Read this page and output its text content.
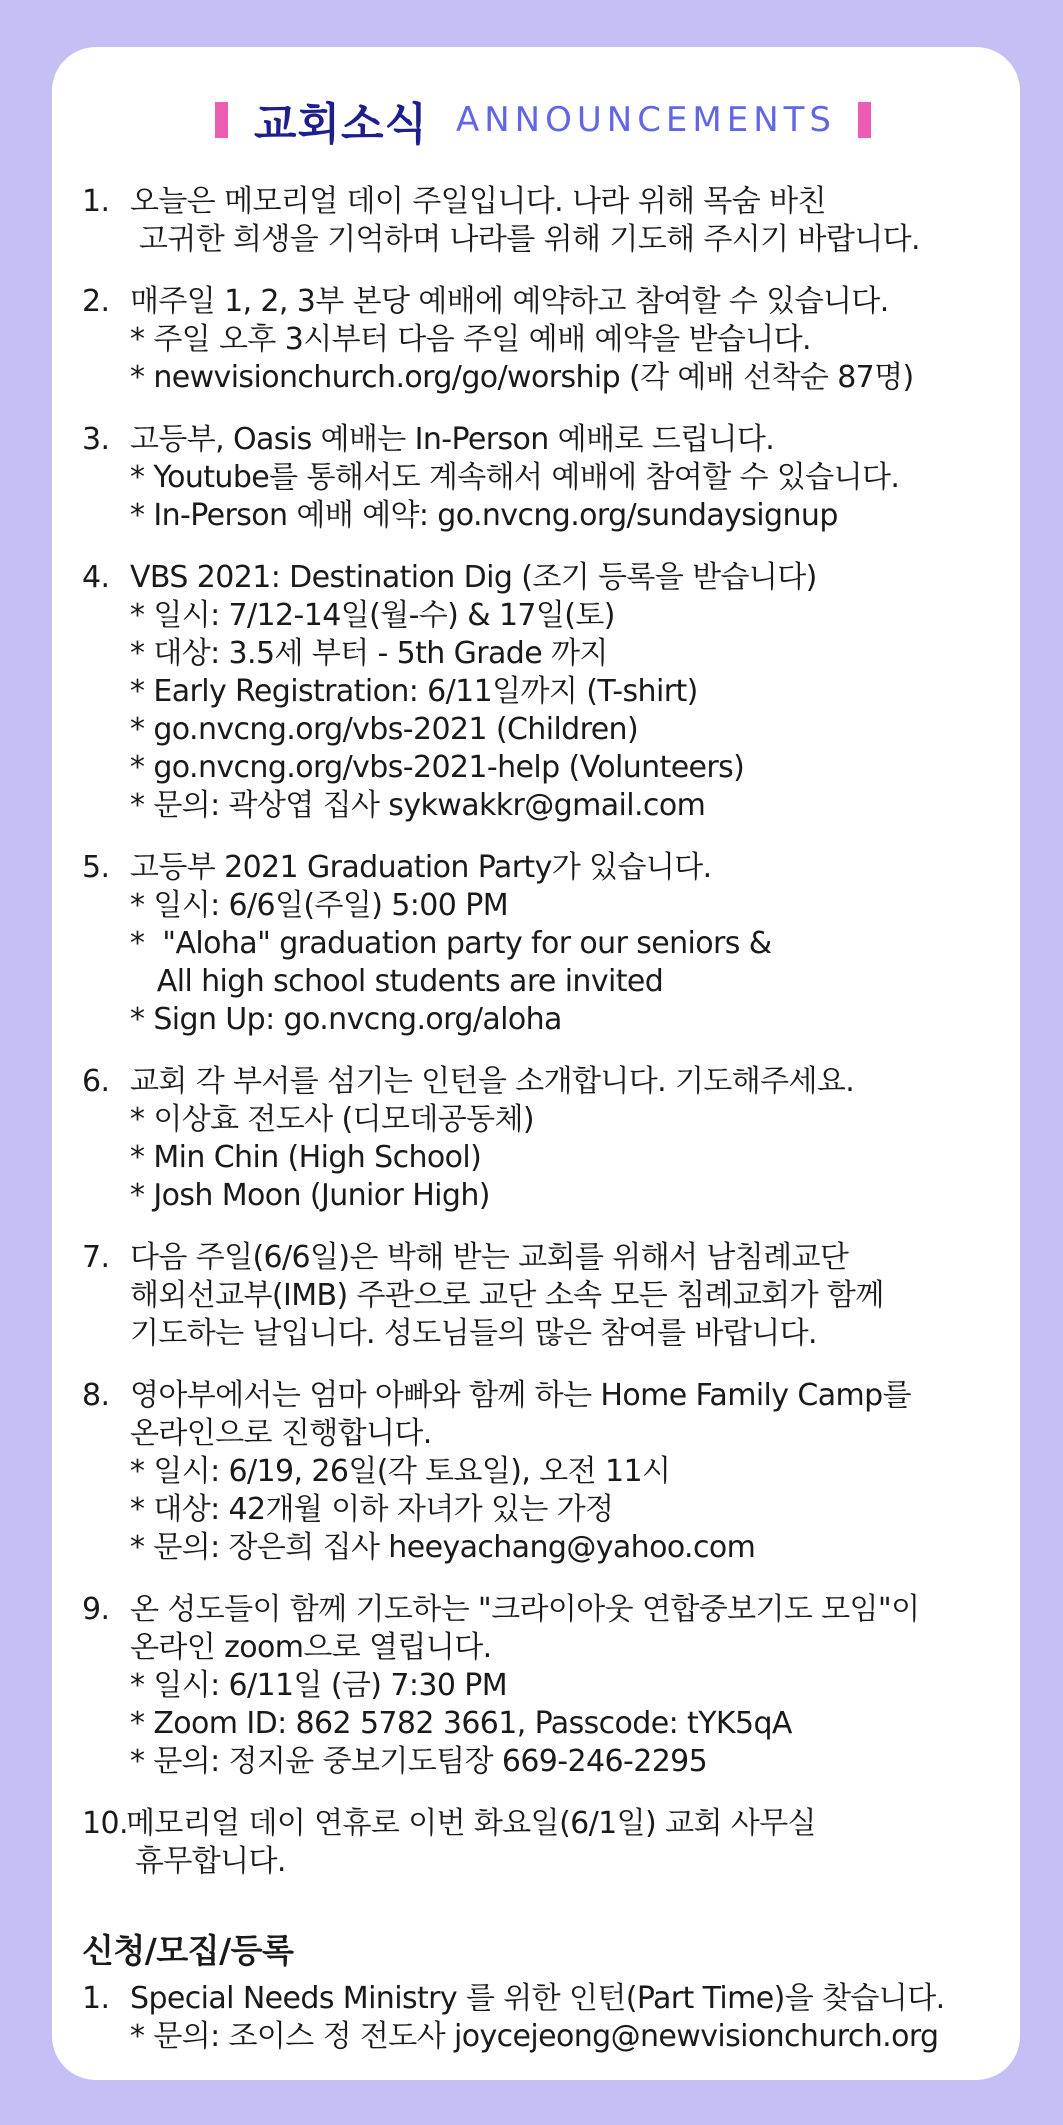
교회소식 ANNOUNCEMENTS
1. 오늘은 메모리얼 데이 주일입니다. 나라 위해 목숨 바친
고귀한 희생을 기억하며 나라를 위해 기도해 주시기 바랍니다.
2. 매주일 1, 2, 3부 본당 예배에 예약하고 참여할 수 있습니다.
* 주일 오후 3시부터 다음 주일 예배 예약을 받습니다.
* newvisionchurch.org/go/worship (각 예배 선착순 87명)
3. 고등부, Oasis 예배는 In-Person 예배로 드립니다.
* Youtube를 통해서도 계속해서 예배에 참여할 수 있습니다.
* In-Person 예배 예약: go.nvcng.org/sundaysignup
4. VBS 2021: Destination Dig (조기 등록을 받습니다)
* 일시: 7/12-14일(월-수) & 17일(토)
* 대상: 3.5세 부터 - 5th Grade 까지
* Early Registration: 6/11일까지 (T-shirt)
* go.nvcng.org/vbs-2021 (Children)
* go.nvcng.org/vbs-2021-help (Volunteers)
* 문의: 곽상엽 집사 sykwakkr@gmail.com
5. 고등부 2021 Graduation Party가 있습니다.
* 일시: 6/6일(주일) 5:00 PM
*  "Aloha" graduation party for our seniors &
All high school students are invited
* Sign Up: go.nvcng.org/aloha
6. 교회 각 부서를 섬기는 인턴을 소개합니다. 기도해주세요.
* 이상효 전도사 (디모데공동체)
* Min Chin (High School)
* Josh Moon (Junior High)
7. 다음 주일(6/6일)은 박해 받는 교회를 위해서 남침례교단
해외선교부(IMB) 주관으로 교단 소속 모든 침례교회가 함께
기도하는 날입니다. 성도님들의 많은 참여를 바랍니다.
8. 영아부에서는 엄마 아빠와 함께 하는 Home Family Camp를
온라인으로 진행합니다.
* 일시: 6/19, 26일(각 토요일), 오전 11시
* 대상: 42개월 이하 자녀가 있는 가정
* 문의: 장은희 집사 heeyachang@yahoo.com
9. 온 성도들이 함께 기도하는 "크라이아웃 연합중보기도 모임"이
온라인 zoom으로 열립니다.
* 일시: 6/11일 (금) 7:30 PM
* Zoom ID: 862 5782 3661, Passcode: tYK5qA
* 문의: 정지윤 중보기도팀장 669-246-2295
10.
메모리얼 데이 연휴로 이번 화요일(6/1일) 교회 사무실
휴무합니다.
신청/모집/등록
1. Special Needs Ministry 를 위한 인턴(Part Time)을 찾습니다.
* 문의: 조이스 정 전도사 joycejeong@newvisionchurch.org
